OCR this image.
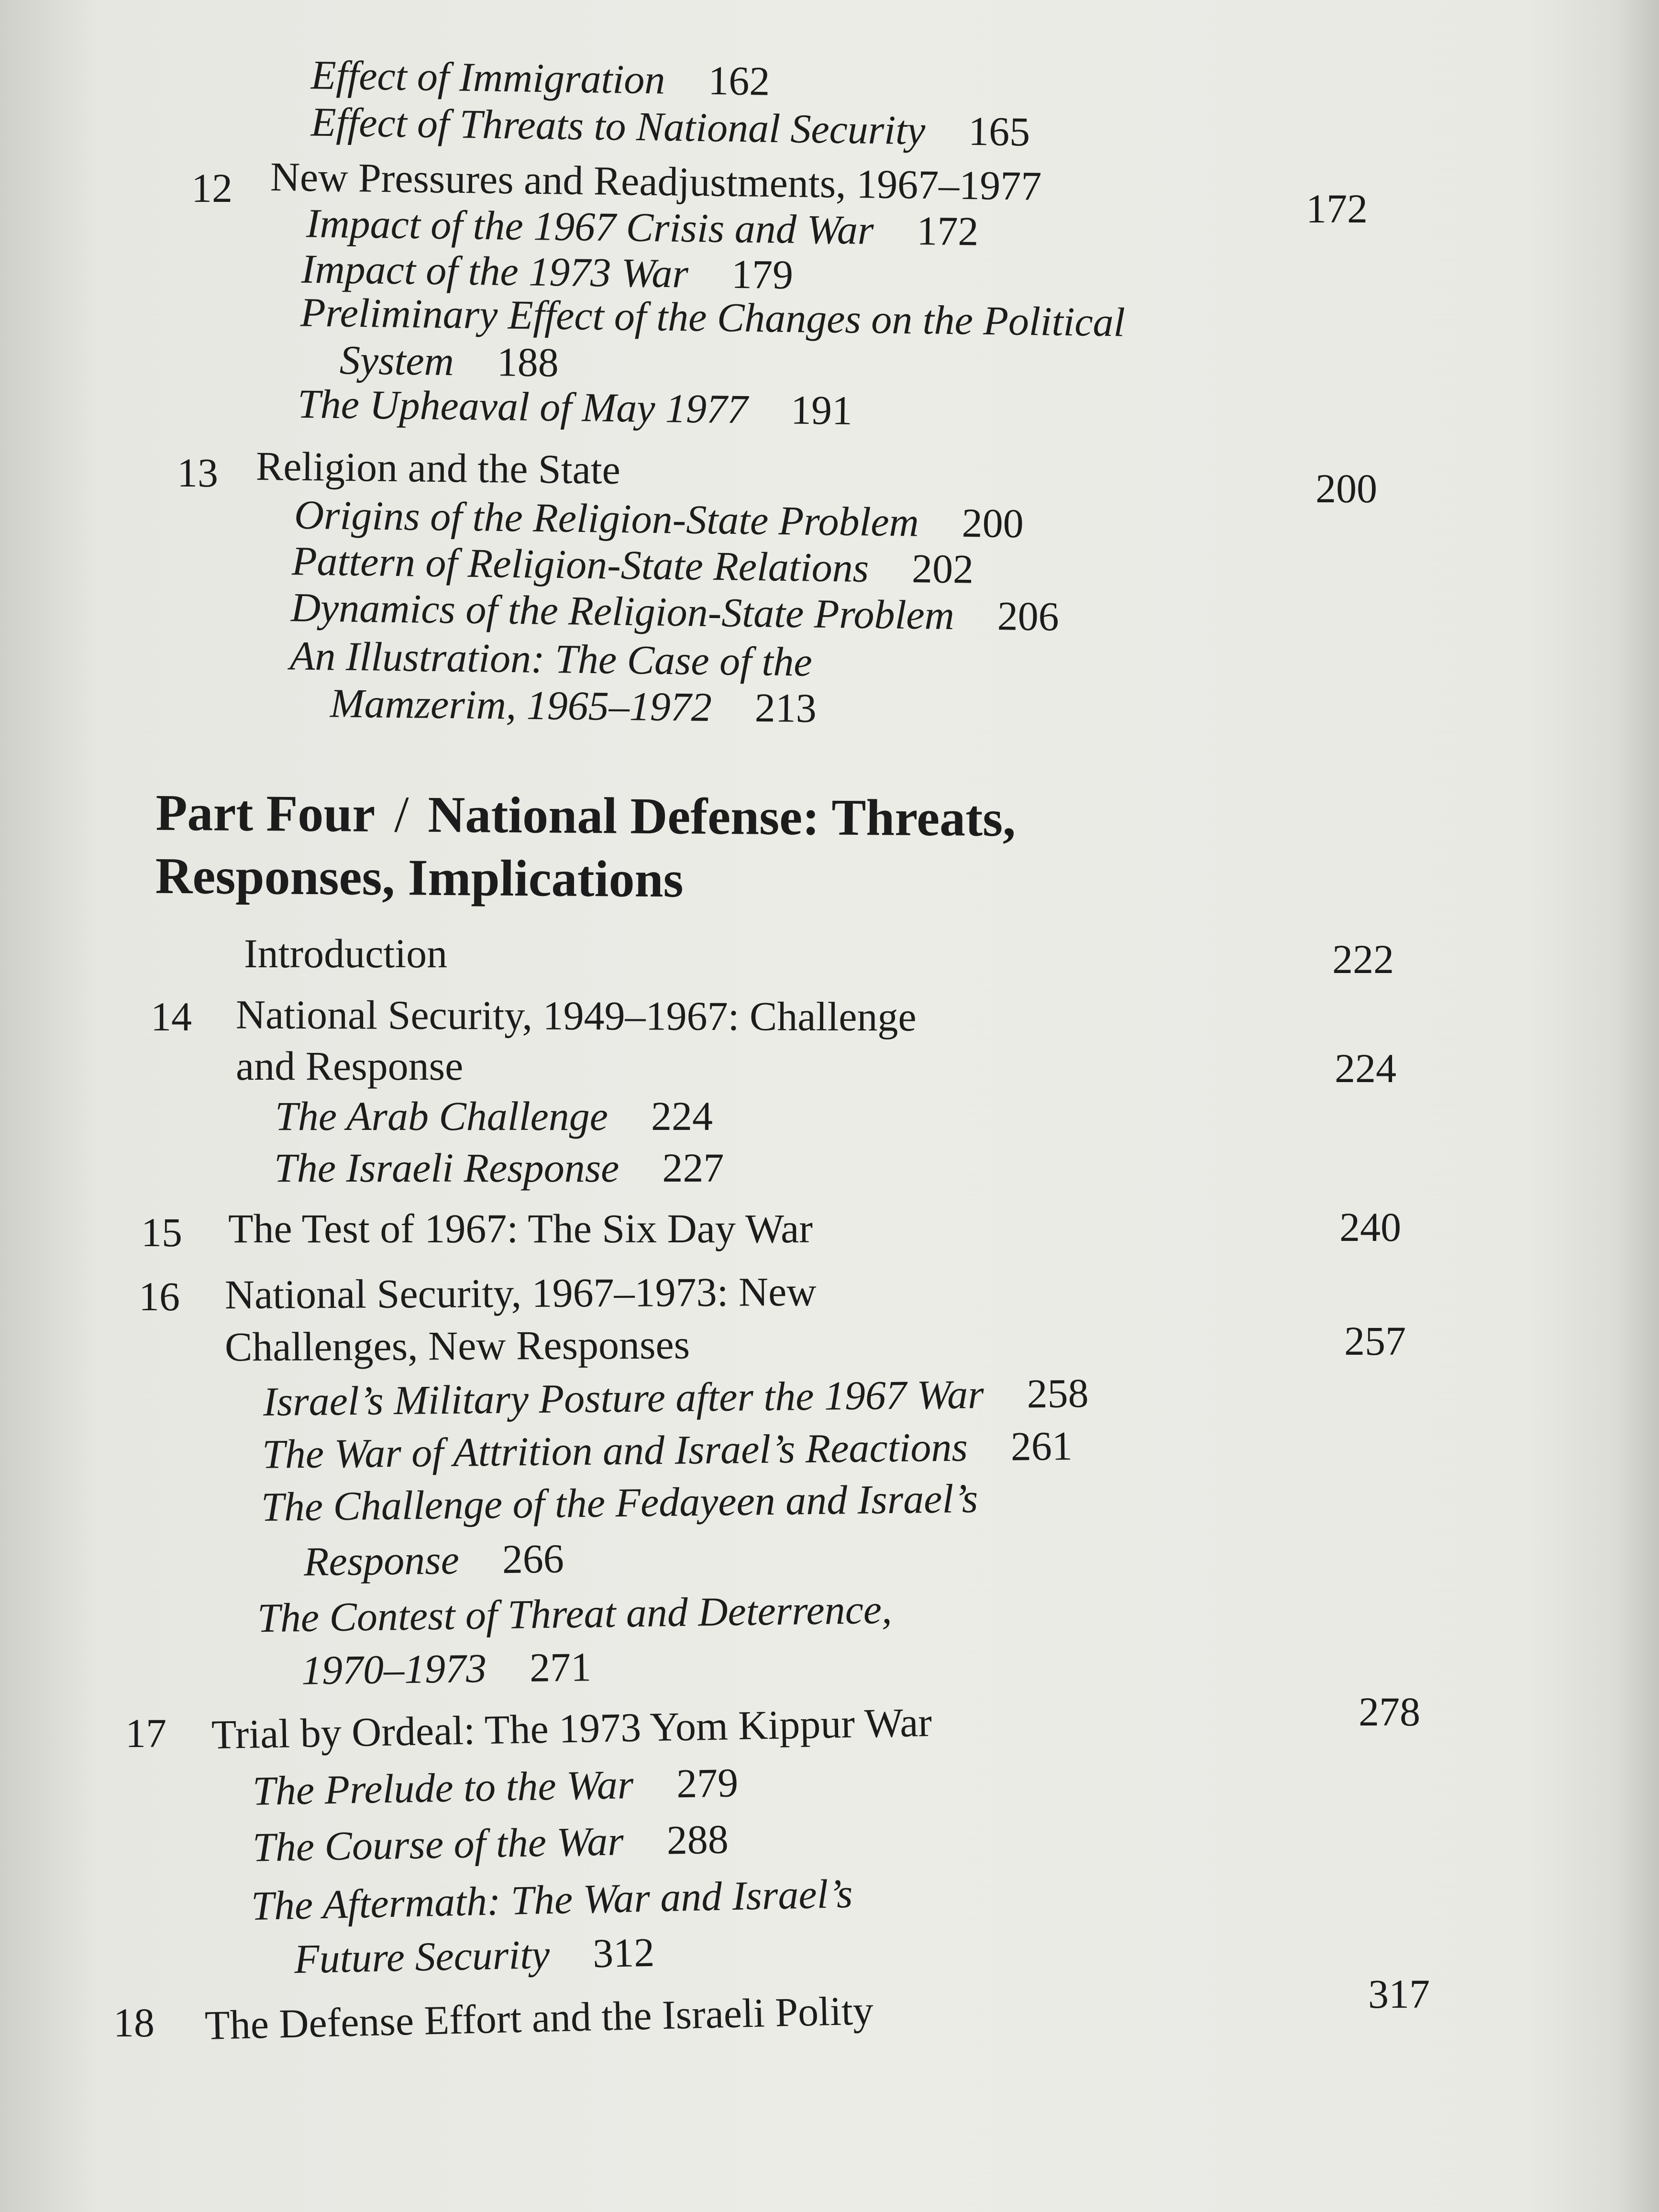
Effect of Immigration 162
Effect of Threats to National Security 165
12 New Pressures and Readjustments, 1967–1977	172
Impact of the 1967 Crisis and War 172
Impact of the 1973 War 179
Preliminary Effect of the Changes on the Political
System 188
The Upheaval of May 1977 191
13 Religion and the State	200
Origins of the Religion-State Problem 200
Pattern of Religion-State Relations 202
Dynamics of the Religion-State Problem 206
An Illustration: The Case of the
Mamzerim, 1965–1972 213
Part Four / National Defense: Threats,
Responses, Implications
Introduction	222
14 National Security, 1949–1967: Challenge
and Response	224
The Arab Challenge 224
The Israeli Response 227
15 The Test of 1967: The Six Day War	240
16 National Security, 1967–1973: New
Challenges, New Responses	257
Israel’s Military Posture after the 1967 War 258
The War of Attrition and Israel’s Reactions 261
The Challenge of the Fedayeen and Israel’s
Response 266
The Contest of Threat and Deterrence,
1970–1973 271
17 Trial by Ordeal: The 1973 Yom Kippur War	278
The Prelude to the War 279
The Course of the War 288
The Aftermath: The War and Israel’s
Future Security 312
18 The Defense Effort and the Israeli Polity	317
